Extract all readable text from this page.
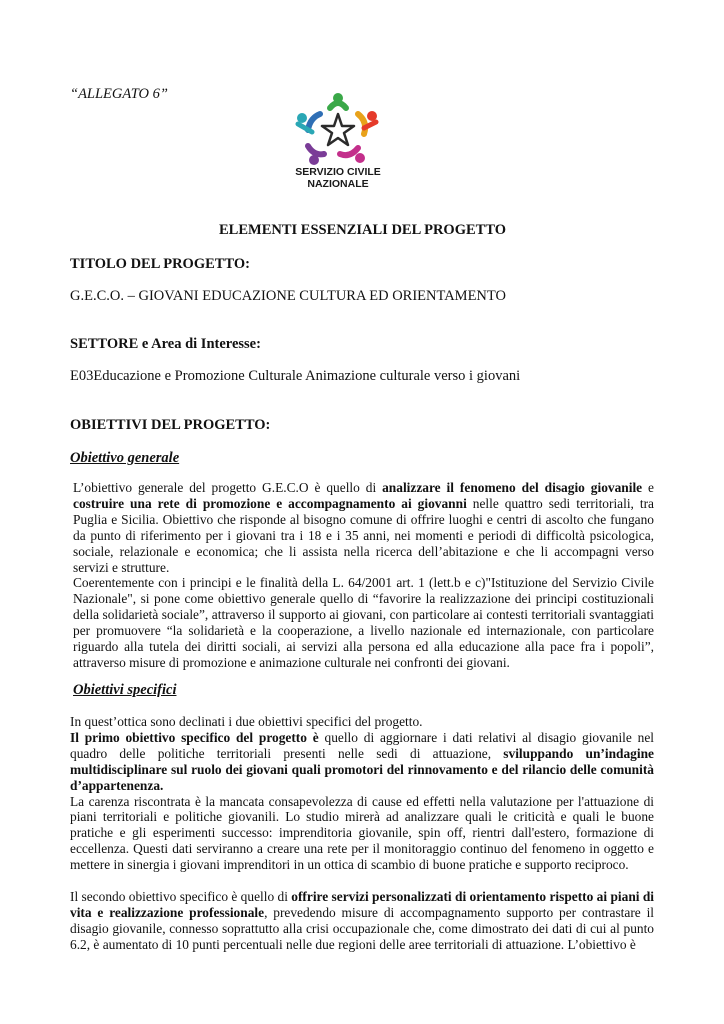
“ALLEGATO 6”
SERVIZIO CIVILE
NAZIONALE
ELEMENTI ESSENZIALI DEL PROGETTO
TITOLO DEL PROGETTO:
G.E.C.O. – GIOVANI EDUCAZIONE CULTURA ED ORIENTAMENTO
SETTORE e Area di Interesse:
E03Educazione e Promozione Culturale Animazione culturale verso i giovani
OBIETTIVI DEL PROGETTO:
Obiettivo generale

L’obiettivo generale del progetto G.E.C.O è quello di analizzare il fenomeno del disagio giovanile e costruire una rete di promozione e accompagnamento ai giovanni nelle quattro sedi territoriali, tra Puglia e Sicilia. Obiettivo che risponde al bisogno comune di offrire luoghi e centri di ascolto che fungano da punto di riferimento per i giovani tra i 18 e i 35 anni, nei momenti e periodi di difficoltà psicologica, sociale, relazionale e economica; che li assista nella ricerca dell’abitazione e che li accompagni verso servizi e strutture.

Coerentemente con i principi e le finalità della L. 64/2001 art. 1 (lett.b e c)"Istituzione del Servizio Civile Nazionale", si pone come obiettivo generale quello di “favorire la realizzazione dei principi costituzionali della solidarietà sociale”, attraverso il supporto ai giovani, con particolare ai contesti territoriali svantaggiati per promuovere “la solidarietà e la cooperazione, a livello nazionale ed internazionale, con particolare riguardo alla tutela dei diritti sociali, ai servizi alla persona ed alla educazione alla pace fra i popoli”, attraverso misure di promozione e animazione culturale nei confronti dei giovani.

Obiettivi specifici

In quest’ottica sono declinati i due obiettivi specifici del progetto.

Il primo obiettivo specifico del progetto è quello di aggiornare i dati relativi al disagio giovanile nel quadro delle politiche territoriali presenti nelle sedi di attuazione, sviluppando un’indagine multidisciplinare sul ruolo dei giovani quali promotori del rinnovamento e del rilancio delle comunità d’appartenenza.

La carenza riscontrata è la mancata consapevolezza di cause ed effetti nella valutazione per l'attuazione di piani territoriali e politiche giovanili. Lo studio mirerà ad analizzare quali le criticità e quali le buone pratiche e gli esperimenti successo: imprenditoria giovanile, spin off, rientri dall'estero, formazione di eccellenza. Questi dati serviranno a creare una rete per il monitoraggio continuo del fenomeno in oggetto e mettere in sinergia i giovani imprenditori in un ottica di scambio di buone pratiche e supporto reciproco.

Il secondo obiettivo specifico è quello di offrire servizi personalizzati di orientamento rispetto ai piani di vita e realizzazione professionale, prevedendo misure di accompagnamento supporto per contrastare il disagio giovanile, connesso soprattutto alla crisi occupazionale che, come dimostrato dei dati di cui al punto 6.2, è aumentato di 10 punti percentuali nelle due regioni delle aree territoriali di attuazione. L’obiettivo è
